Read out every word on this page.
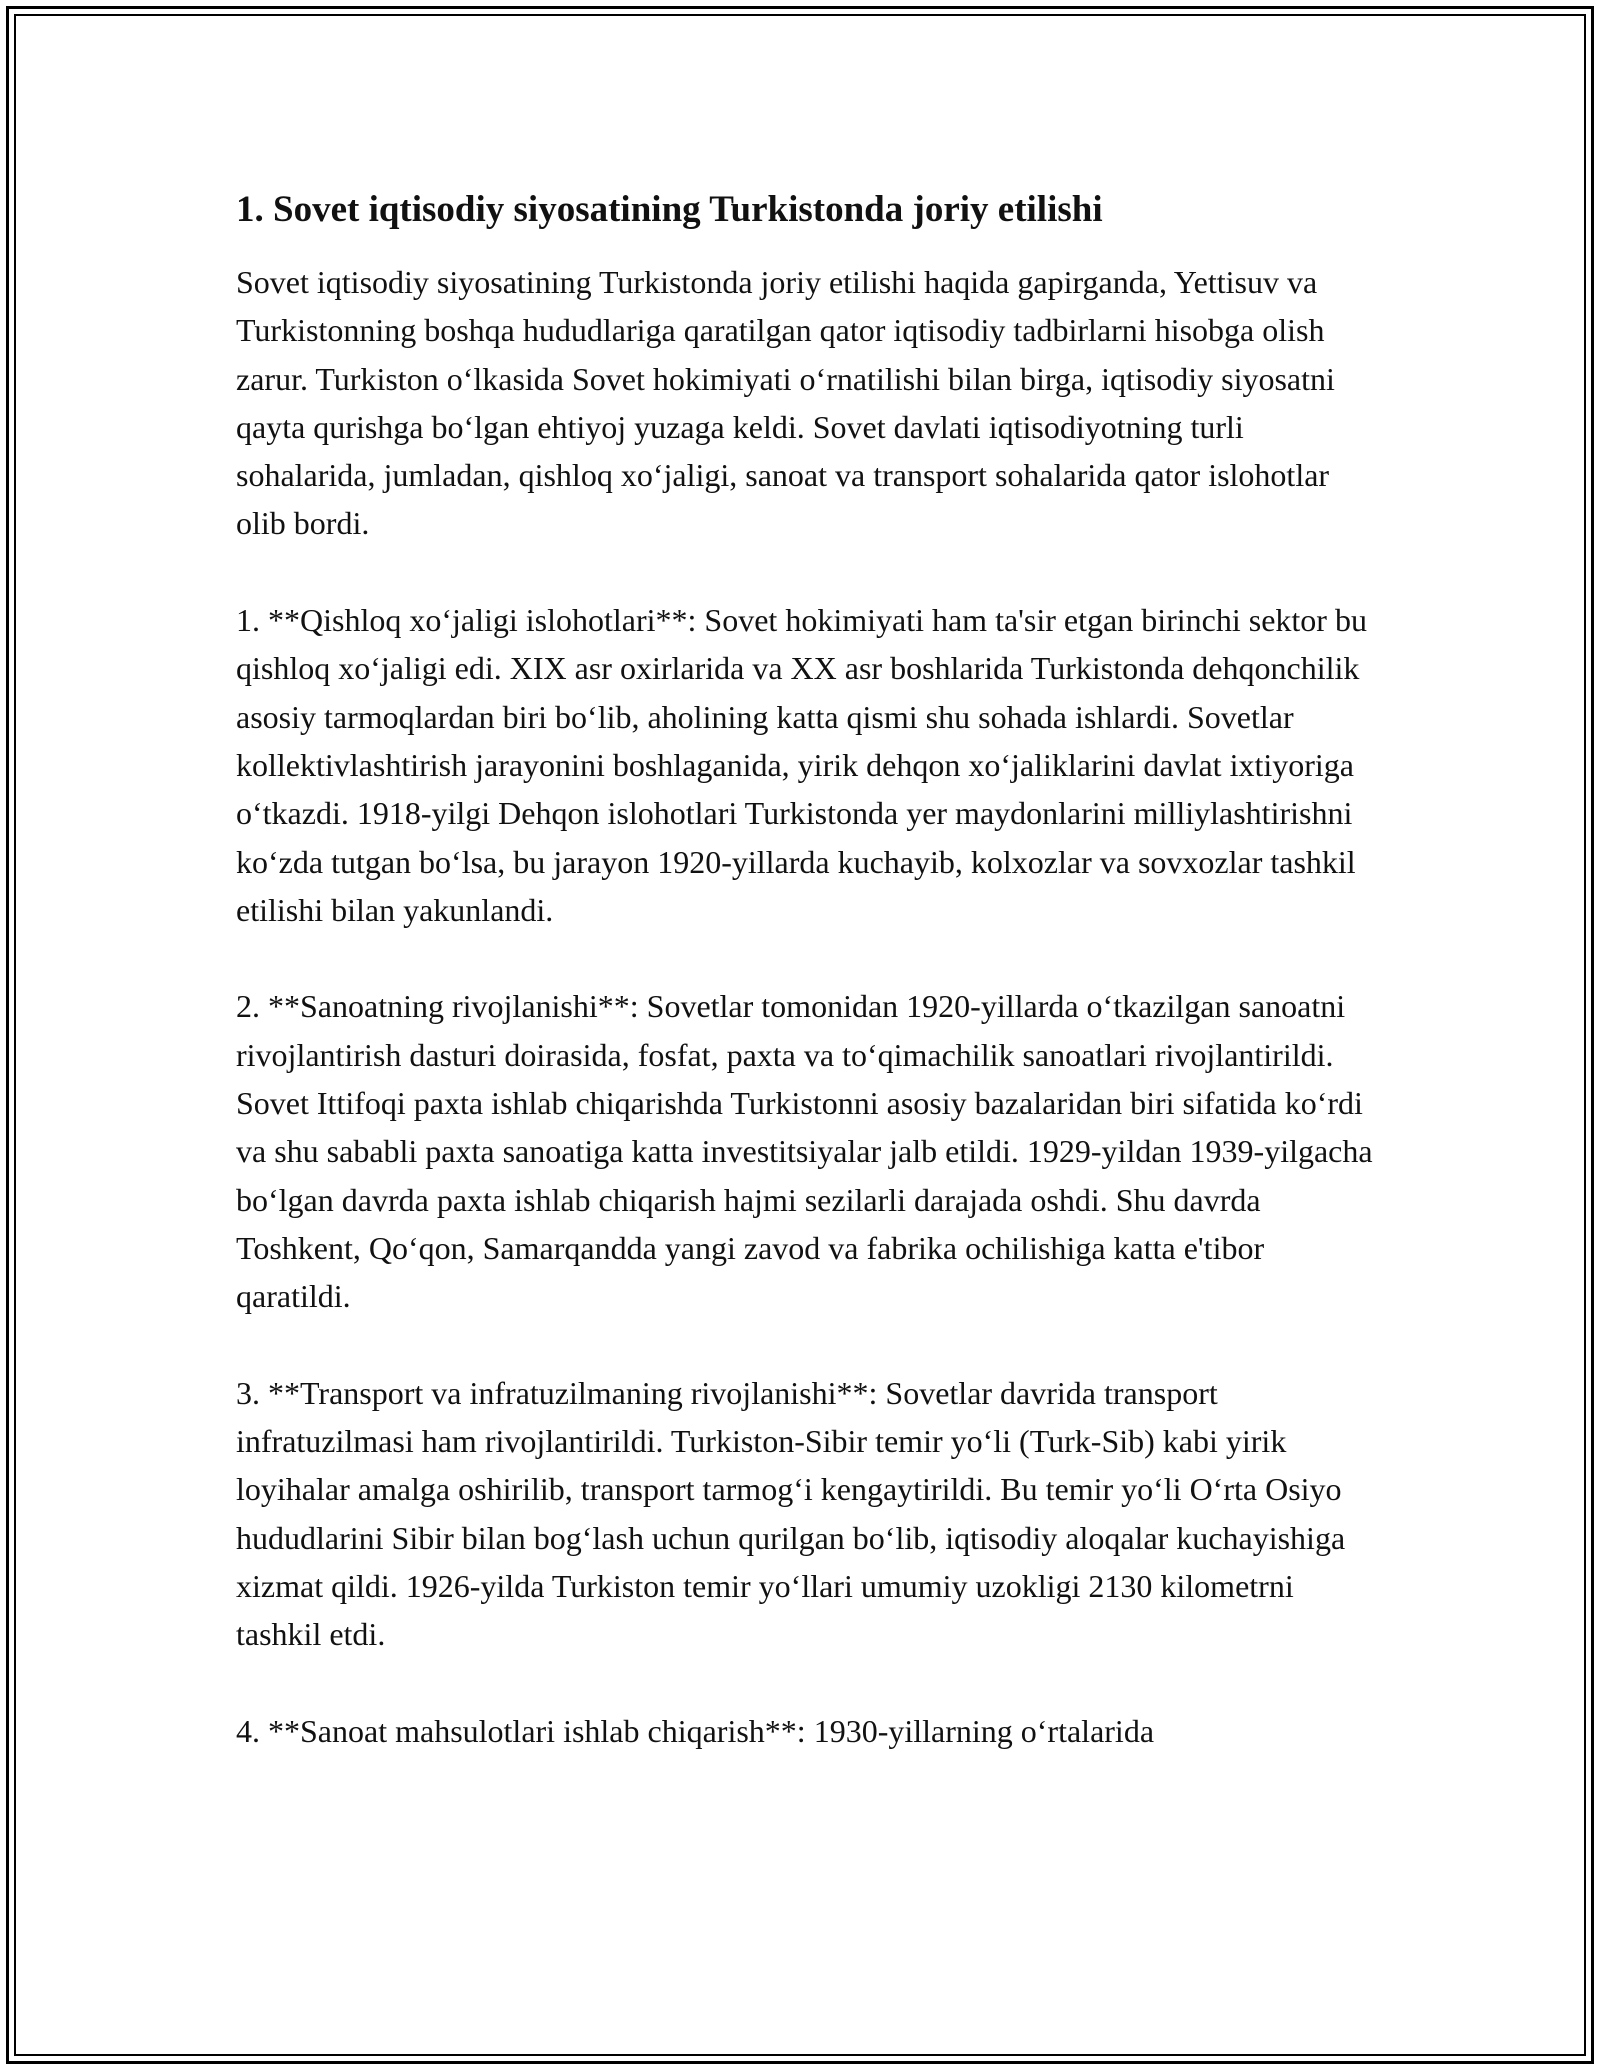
1. Sovet iqtisodiy siyosatining Turkistonda joriy etilishi

Sovet iqtisodiy siyosatining Turkistonda joriy etilishi haqida gapirganda, Yettisuv va Turkistonning boshqa hududlariga qaratilgan qator iqtisodiy tadbirlarni hisobga olish zarur. Turkiston oʻlkasida Sovet hokimiyati oʻrnatilishi bilan birga, iqtisodiy siyosatni qayta qurishga boʻlgan ehtiyoj yuzaga keldi. Sovet davlati iqtisodiyotning turli sohalarida, jumladan, qishloq xoʻjaligi, sanoat va transport sohalarida qator islohotlar olib bordi.

1. **Qishloq xoʻjaligi islohotlari**: Sovet hokimiyati ham ta'sir etgan birinchi sektor bu qishloq xoʻjaligi edi. XIX asr oxirlarida va XX asr boshlarida Turkistonda dehqonchilik asosiy tarmoqlardan biri boʻlib, aholining katta qismi shu sohada ishlardi. Sovetlar kollektivlashtirish jarayonini boshlaganida, yirik dehqon xoʻjaliklarini davlat ixtiyoriga oʻtkazdi. 1918-yilgi Dehqon islohotlari Turkistonda yer maydonlarini milliylashtirishni koʻzda tutgan boʻlsa, bu jarayon 1920-yillarda kuchayib, kolxozlar va sovxozlar tashkil etilishi bilan yakunlandi.

2. **Sanoatning rivojlanishi**: Sovetlar tomonidan 1920-yillarda oʻtkazilgan sanoatni rivojlantirish dasturi doirasida, fosfat, paxta va toʻqimachilik sanoatlari rivojlantirildi. Sovet Ittifoqi paxta ishlab chiqarishda Turkistonni asosiy bazalaridan biri sifatida koʻrdi va shu sababli paxta sanoatiga katta investitsiyalar jalb etildi. 1929-yildan 1939-yilgacha boʻlgan davrda paxta ishlab chiqarish hajmi sezilarli darajada oshdi. Shu davrda Toshkent, Qoʻqon, Samarqandda yangi zavod va fabrika ochilishiga katta e'tibor qaratildi.

3. **Transport va infratuzilmaning rivojlanishi**: Sovetlar davrida transport infratuzilmasi ham rivojlantirildi. Turkiston-Sibir temir yoʻli (Turk-Sib) kabi yirik loyihalar amalga oshirilib, transport tarmogʻi kengaytirildi. Bu temir yoʻli Oʻrta Osiyo hududlarini Sibir bilan bogʻlash uchun qurilgan boʻlib, iqtisodiy aloqalar kuchayishiga xizmat qildi. 1926-yilda Turkiston temir yoʻllari umumiy uzokligi 2130 kilometrni tashkil etdi.

4. **Sanoat mahsulotlari ishlab chiqarish**: 1930-yillarning oʻrtalarida
